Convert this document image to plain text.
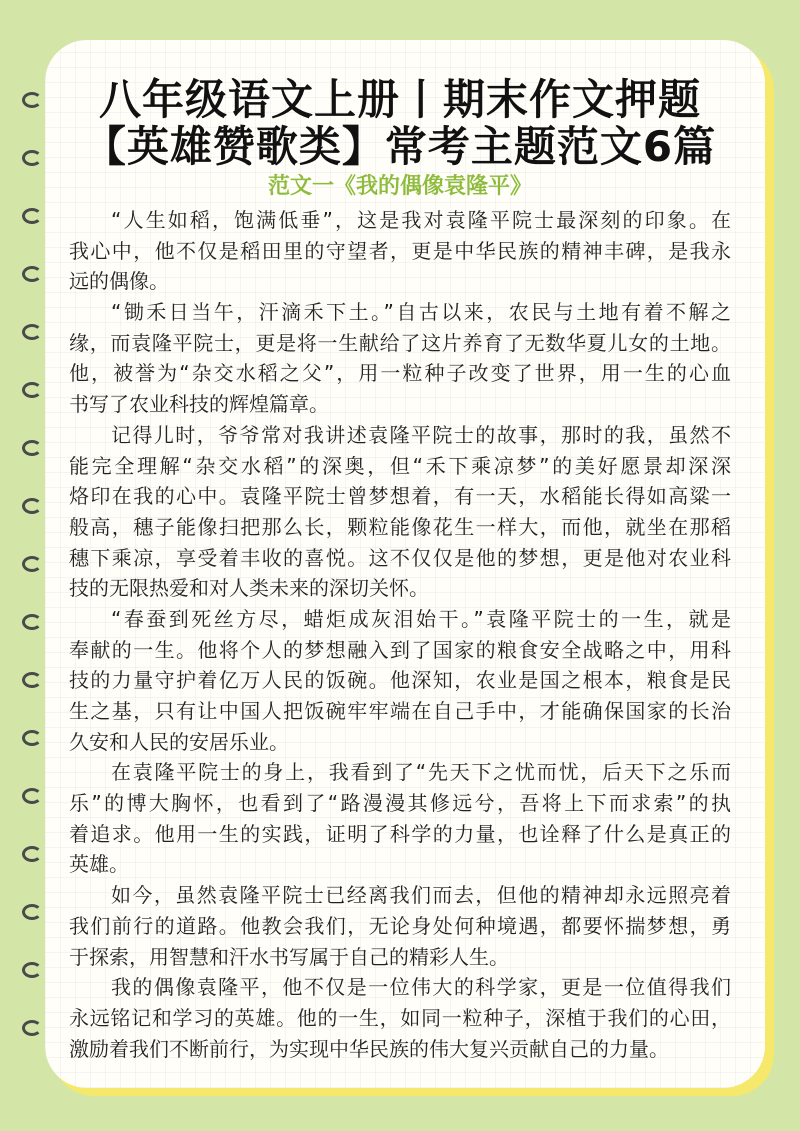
八年级语文上册丨期末作文押题
【英雄赞歌类】常考主题范文6篇
范文一《我的偶像袁隆平》
“人生如稻，饱满低垂”，这是我对袁隆平院士最深刻的印象。在
我心中，他不仅是稻田里的守望者，更是中华民族的精神丰碑，是我永
远的偶像。
“锄禾日当午，汗滴禾下土。”自古以来，农民与土地有着不解之
缘，而袁隆平院士，更是将一生献给了这片养育了无数华夏儿女的土地。
他，被誉为“杂交水稻之父”，用一粒种子改变了世界，用一生的心血
书写了农业科技的辉煌篇章。
记得儿时，爷爷常对我讲述袁隆平院士的故事，那时的我，虽然不
能完全理解“杂交水稻”的深奥，但“禾下乘凉梦”的美好愿景却深深
烙印在我的心中。袁隆平院士曾梦想着，有一天，水稻能长得如高粱一
般高，穗子能像扫把那么长，颗粒能像花生一样大，而他，就坐在那稻
穗下乘凉，享受着丰收的喜悦。这不仅仅是他的梦想，更是他对农业科
技的无限热爱和对人类未来的深切关怀。
“春蚕到死丝方尽，蜡炬成灰泪始干。”袁隆平院士的一生，就是
奉献的一生。他将个人的梦想融入到了国家的粮食安全战略之中，用科
技的力量守护着亿万人民的饭碗。他深知，农业是国之根本，粮食是民
生之基，只有让中国人把饭碗牢牢端在自己手中，才能确保国家的长治
久安和人民的安居乐业。
在袁隆平院士的身上，我看到了“先天下之忧而忧，后天下之乐而
乐”的博大胸怀，也看到了“路漫漫其修远兮，吾将上下而求索”的执
着追求。他用一生的实践，证明了科学的力量，也诠释了什么是真正的
英雄。
如今，虽然袁隆平院士已经离我们而去，但他的精神却永远照亮着
我们前行的道路。他教会我们，无论身处何种境遇，都要怀揣梦想，勇
于探索，用智慧和汗水书写属于自己的精彩人生。
我的偶像袁隆平，他不仅是一位伟大的科学家，更是一位值得我们
永远铭记和学习的英雄。他的一生，如同一粒种子，深植于我们的心田，
激励着我们不断前行，为实现中华民族的伟大复兴贡献自己的力量。
